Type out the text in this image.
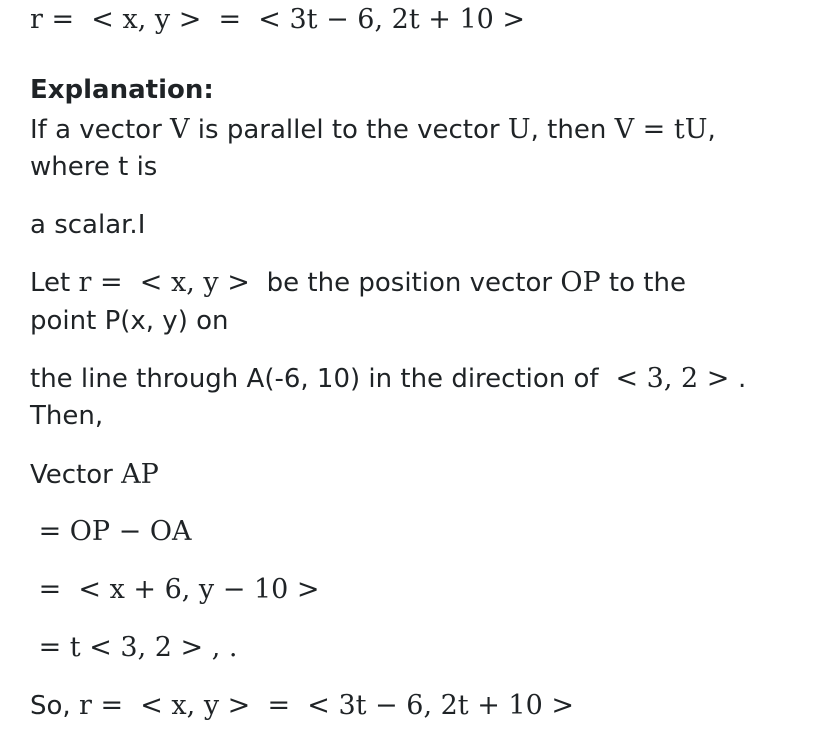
r =  < x, y >  =  < 3t − 6, 2t + 10 >
Explanation:
If a vector V is parallel to the vector U, then V = tU,
where t is
a scalar.I
Let r =  < x, y >  be the position vector OP to the
point P(x, y) on
the line through A(-6, 10) in the direction of  < 3, 2 > .
Then,
Vector AP
= OP − OA
=  < x + 6, y − 10 >
= t < 3, 2 > , .
So, r =  < x, y >  =  < 3t − 6, 2t + 10 >
